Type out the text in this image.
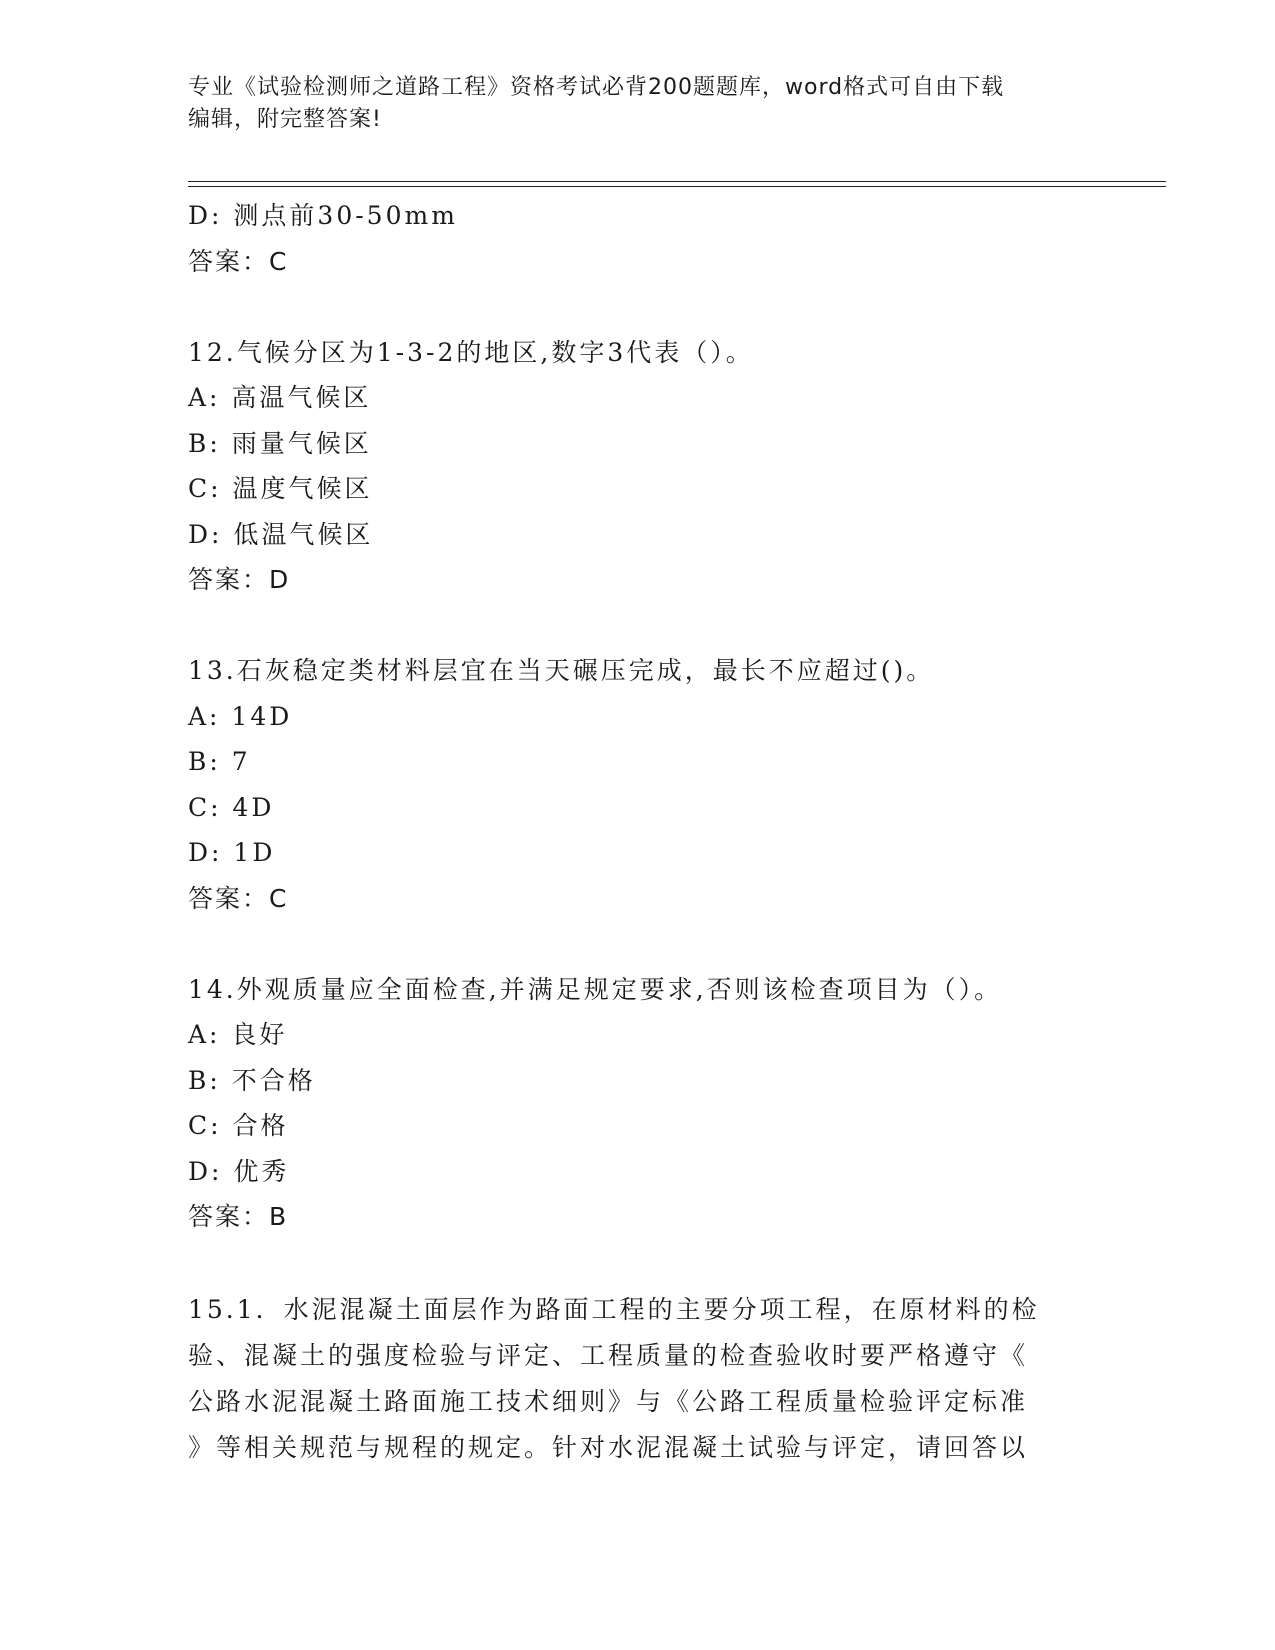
专业《试验检测师之道路工程》资格考试必背200题题库，word格式可自由下载
编辑，附完整答案!
D: 测点前30-50mm
答案：C
12.气候分区为1-3-2的地区,数字3代表（）。
A: 高温气候区
B: 雨量气候区
C: 温度气候区
D: 低温气候区
答案：D
13.石灰稳定类材料层宜在当天碾压完成，最长不应超过()。
A: 14D
B: 7
C: 4D
D: 1D
答案：C
14.外观质量应全面检查,并满足规定要求,否则该检查项目为（）。
A: 良好
B: 不合格
C: 合格
D: 优秀
答案：B
15.1．水泥混凝土面层作为路面工程的主要分项工程，在原材料的检
验、混凝土的强度检验与评定、工程质量的检查验收时要严格遵守《
公路水泥混凝土路面施工技术细则》与《公路工程质量检验评定标准
》等相关规范与规程的规定。针对水泥混凝土试验与评定，请回答以
